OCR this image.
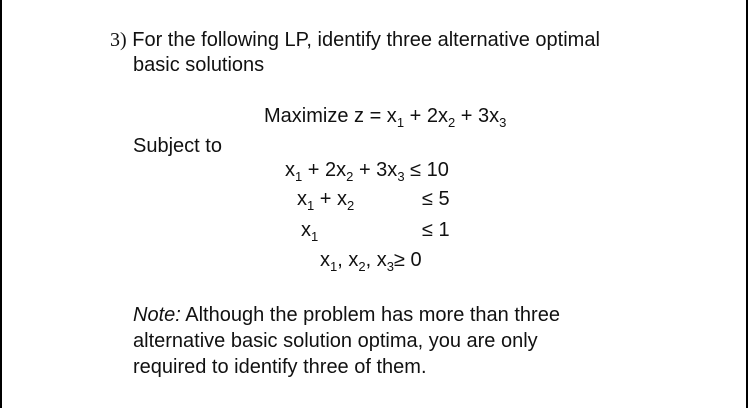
3) For the following LP, identify three alternative optimal
basic solutions
Maximize $z = x_1 + 2x_2 + 3x_3$
Subject to
$x_1 + 2x_2 + 3x_3 \le 10$
$x_1 + x_2$	≤ 5
$x_1$	≤ 1
$x_1$, $x_2$, $x_3\ge 0$
Note: Although the problem has more than three
alternative basic solution optima, you are only
required to identify three of them.
